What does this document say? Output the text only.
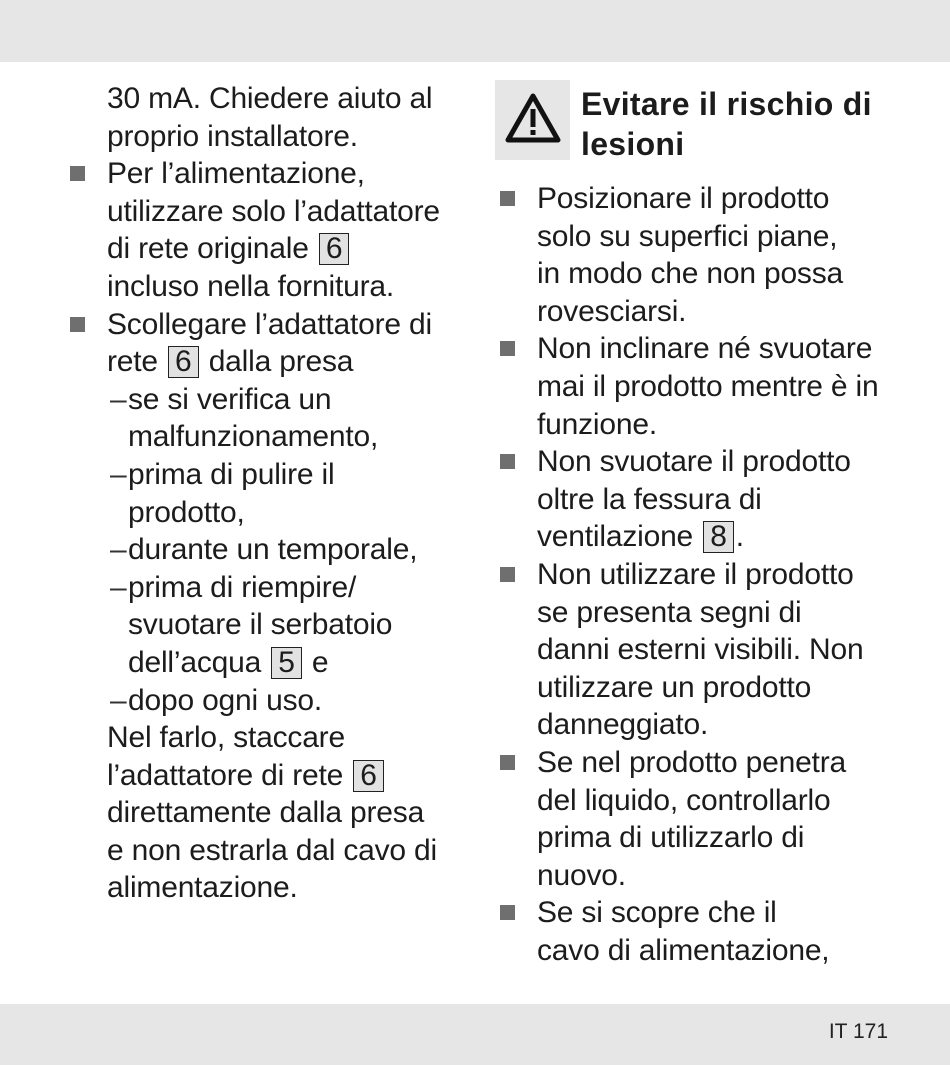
30 mA. Chiedere aiuto al
proprio installatore.
Per l’alimentazione,
utilizzare solo l’adattatore
di rete originale 6
incluso nella fornitura.
Scollegare l’adattatore di
rete 6 dalla presa
– se si verifica un
malfunzionamento,
– prima di pulire il
prodotto,
– durante un temporale,
– prima di riempire/
svuotare il serbatoio
dell’acqua 5 e
– dopo ogni uso.
Nel farlo, staccare
l’adattatore di rete 6
direttamente dalla presa
e non estrarla dal cavo di
alimentazione.
Evitare il rischio di
lesioni
Posizionare il prodotto
solo su superfici piane,
in modo che non possa
rovesciarsi.
Non inclinare né svuotare
mai il prodotto mentre è in
funzione.
Non svuotare il prodotto
oltre la fessura di
ventilazione 8 .
Non utilizzare il prodotto
se presenta segni di
danni esterni visibili. Non
utilizzare un prodotto
danneggiato.
Se nel prodotto penetra
del liquido, controllarlo
prima di utilizzarlo di
nuovo.
Se si scopre che il
cavo di alimentazione,
IT 171
